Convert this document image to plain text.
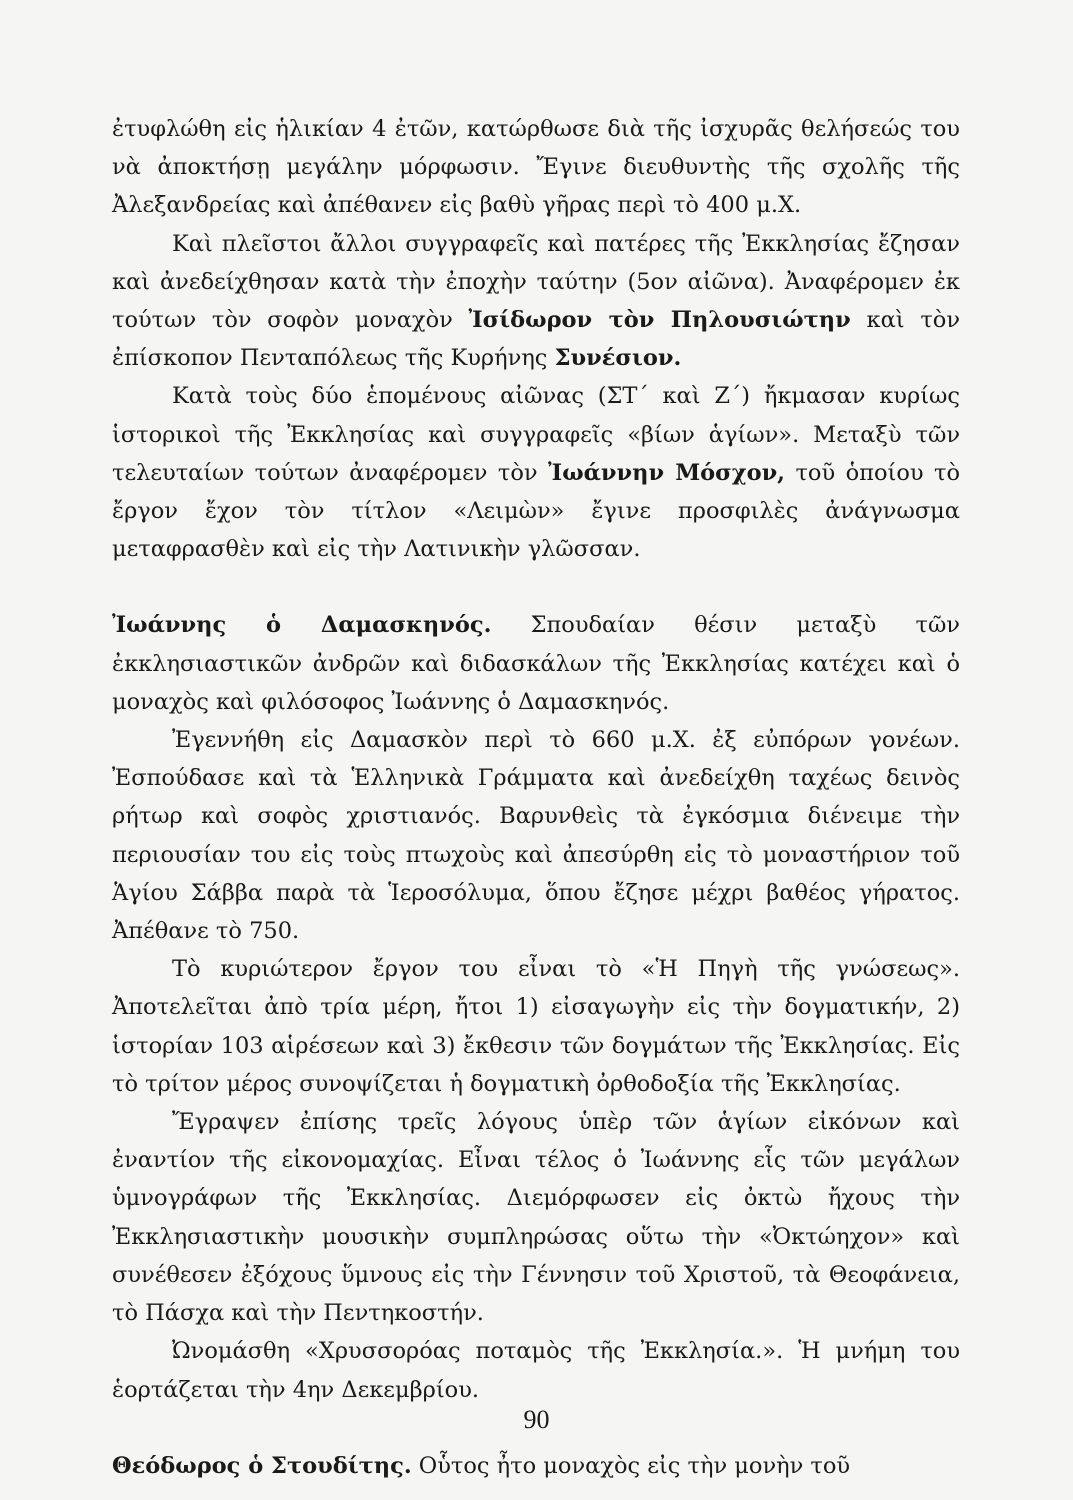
ἐτυφλώθη εἰς ἡλικίαν 4 ἐτῶν, κατώρθωσε διὰ τῆς ἰσχυρᾶς θελήσεώς του νὰ ἀποκτήσῃ μεγάλην μόρφωσιν. Ἔγινε διευθυντὴς τῆς σχολῆς τῆς Ἀλεξανδρείας καὶ ἀπέθανεν εἰς βαθὺ γῆρας περὶ τὸ 400 μ.Χ.

Καὶ πλεῖστοι ἄλλοι συγγραφεῖς καὶ πατέρες τῆς Ἐκκλησίας ἔζησαν καὶ ἀνεδείχθησαν κατὰ τὴν ἐποχὴν ταύτην (5ον αἰῶνα). Ἀναφέρομεν ἐκ τούτων τὸν σοφὸν μοναχὸν Ἰσίδωρον τὸν Πηλουσιώτην καὶ τὸν ἐπίσκοπον Πενταπόλεως τῆς Κυρήνης Συνέσιον.

Κατὰ τοὺς δύο ἑπομένους αἰῶνας (ΣΤ΄ καὶ Ζ΄) ἤκμασαν κυρίως ἱστορικοὶ τῆς Ἐκκλησίας καὶ συγγραφεῖς «βίων ἁγίων». Μεταξὺ τῶν τελευταίων τούτων ἀναφέρομεν τὸν Ἰωάννην Μόσχον, τοῦ ὁποίου τὸ ἔργον ἔχον τὸν τίτλον «Λειμὼν» ἔγινε προσφιλὲς ἀνάγνωσμα μεταφρασθὲν καὶ εἰς τὴν Λατινικὴν γλῶσσαν.

Ἰωάννης ὁ Δαμασκηνός. Σπουδαίαν θέσιν μεταξὺ τῶν ἐκκλησιαστικῶν ἀνδρῶν καὶ διδασκάλων τῆς Ἐκκλησίας κατέχει καὶ ὁ μοναχὸς καὶ φιλόσοφος Ἰωάννης ὁ Δαμασκηνός.

Ἐγεννήθη εἰς Δαμασκὸν περὶ τὸ 660 μ.Χ. ἐξ εὐπόρων γονέων. Ἐσπούδασε καὶ τὰ Ἑλληνικὰ Γράμματα καὶ ἀνεδείχθη ταχέως δεινὸς ρήτωρ καὶ σοφὸς χριστιανός. Βαρυνθεὶς τὰ ἐγκόσμια διένειμε τὴν περιουσίαν του εἰς τοὺς πτωχοὺς καὶ ἀπεσύρθη εἰς τὸ μοναστήριον τοῦ Ἁγίου Σάββα παρὰ τὰ Ἱεροσόλυμα, ὅπου ἔζησε μέχρι βαθέος γήρατος. Ἀπέθανε τὸ 750.

Τὸ κυριώτερον ἔργον του εἶναι τὸ «Ἡ Πηγὴ τῆς γνώσεως». Ἀποτελεῖται ἀπὸ τρία μέρη, ἤτοι 1) εἰσαγωγὴν εἰς τὴν δογματικήν, 2) ἱστορίαν 103 αἱρέσεων καὶ 3) ἔκθεσιν τῶν δογμάτων τῆς Ἐκκλησίας. Εἰς τὸ τρίτον μέρος συνοψίζεται ἡ δογματικὴ ὀρθοδοξία τῆς Ἐκκλησίας.

Ἔγραψεν ἐπίσης τρεῖς λόγους ὑπὲρ τῶν ἁγίων εἰκόνων καὶ ἐναντίον τῆς εἰκονομαχίας. Εἶναι τέλος ὁ Ἰωάννης εἷς τῶν μεγάλων ὑμνογράφων τῆς Ἐκκλησίας. Διεμόρφωσεν εἰς ὀκτὼ ἤχους τὴν Ἐκκλησιαστικὴν μουσικὴν συμπληρώσας οὕτω τὴν «Ὀκτώηχον» καὶ συνέθεσεν ἐξόχους ὕμνους εἰς τὴν Γέννησιν τοῦ Χριστοῦ, τὰ Θεοφάνεια, τὸ Πάσχα καὶ τὴν Πεντηκοστήν.

Ὠνομάσθη «Χρυσσορόας ποταμὸς τῆς Ἐκκλησία.». Ἡ μνήμη του ἑορτάζεται τὴν 4ην Δεκεμβρίου.

Θεόδωρος ὁ Στουδίτης. Οὗτος ἦτο μοναχὸς εἰς τὴν μονὴν τοῦ

90
